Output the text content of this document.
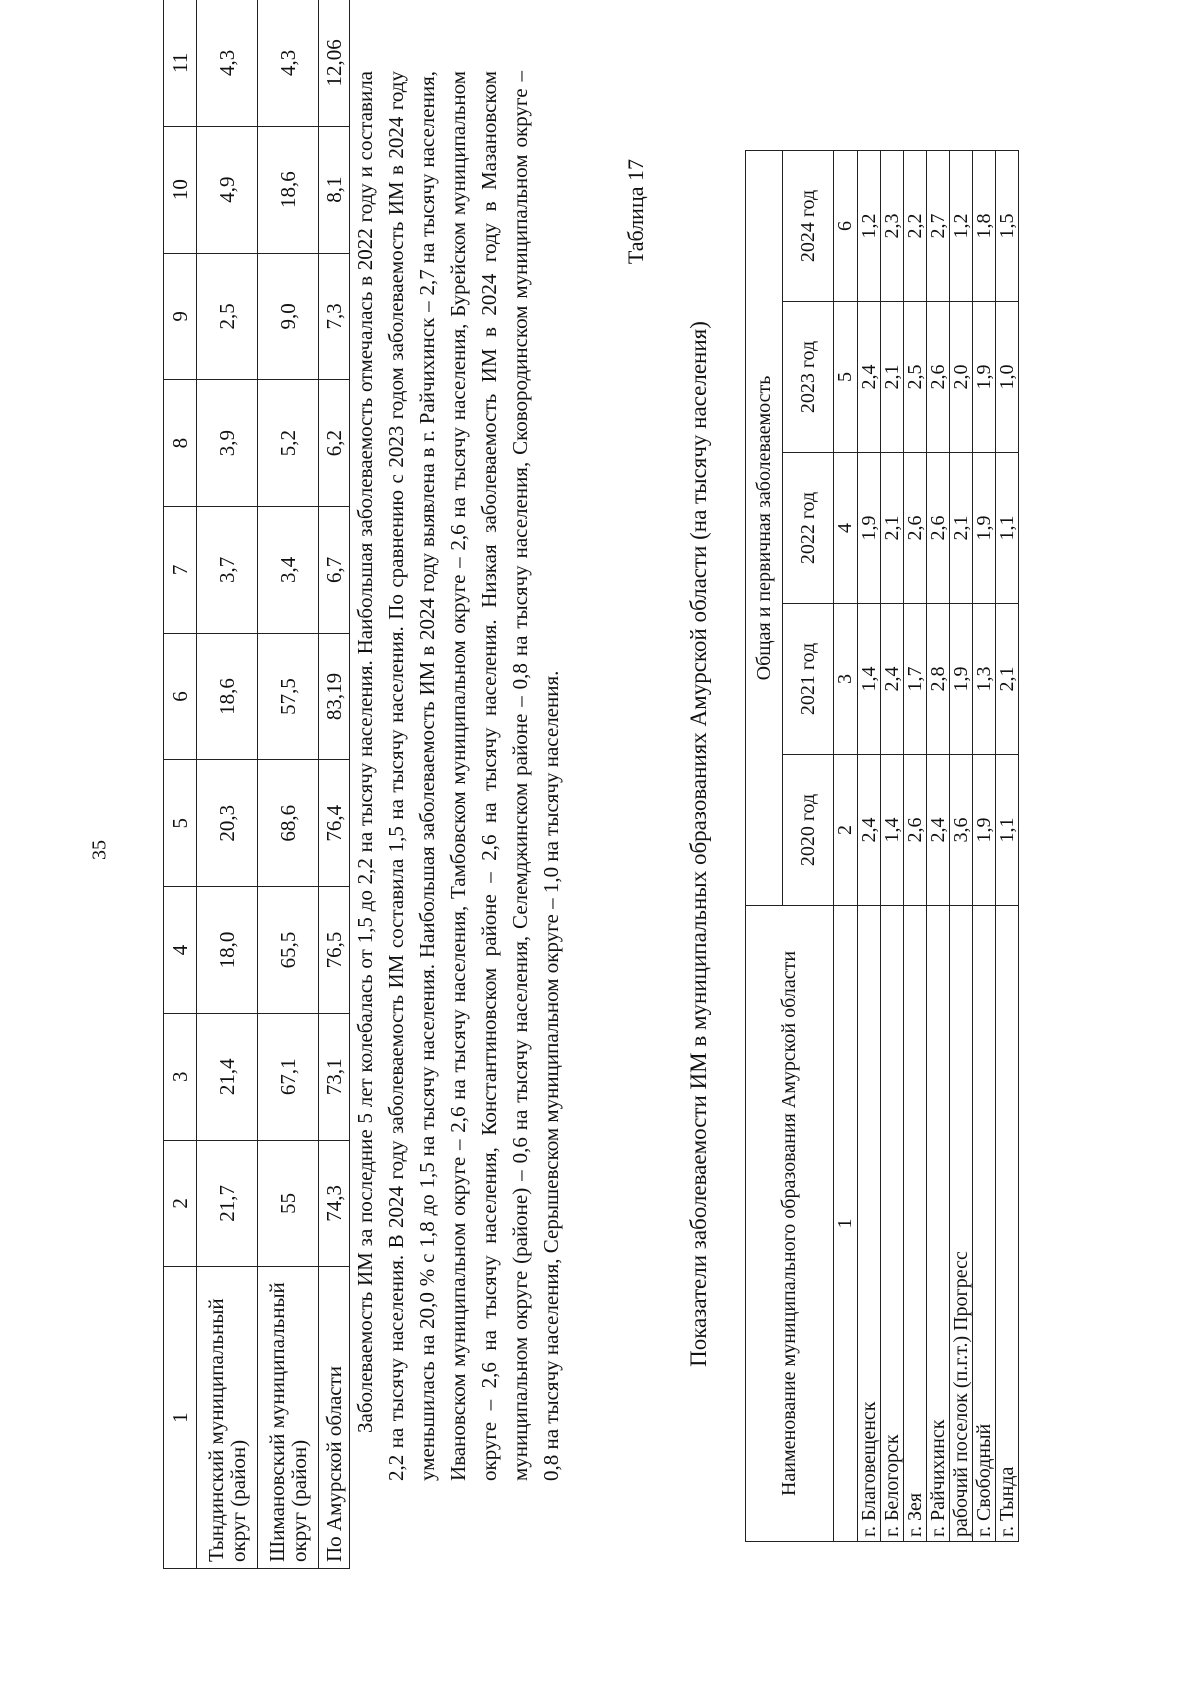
35
1	2	3	4	5	6	7	8	9	10	11
Тындинский муниципальный округ (район)	21,7	21,4	18,0	20,3	18,6	3,7	3,9	2,5	4,9	4,3
Шимановский муниципальный округ (район)	55	67,1	65,5	68,6	57,5	3,4	5,2	9,0	18,6	4,3
По Амурской области	74,3	73,1	76,5	76,4	83,19	6,7	6,2	7,3	8,1	12,06

Заболеваемость ИМ за последние 5 лет колебалась от 1,5 до 2,2 на тысячу населения. Наибольшая заболеваемость отмечалась в 2022 году и составила 2,2 на тысячу населения. В 2024 году заболеваемость ИМ составила 1,5 на тысячу населения. По сравнению с 2023 годом заболеваемость ИМ в 2024 году уменьшилась на 20,0 % с 1,8 до 1,5 на тысячу населения. Наибольшая заболеваемость ИМ в 2024 году выявлена в г. Райчихинск – 2,7 на тысячу населения, Ивановском муниципальном округе – 2,6 на тысячу населения, Тамбовском муниципальном округе – 2,6 на тысячу населения, Бурейском муниципальном округе – 2,6 на тысячу населения, Константиновском районе – 2,6 на тысячу населения. Низкая заболеваемость ИМ в 2024 году в Мазановском муниципальном округе (районе) – 0,6 на тысячу населения, Селемджинском районе – 0,8 на тысячу населения, Сковородинском муниципальном округе – 0,8 на тысячу населения, Серышевском муниципальном округе – 1,0 на тысячу населения.

Таблица 17
Показатели заболеваемости ИМ в муниципальных образованиях Амурской области (на тысячу населения)	Наименование муниципального образования Амурской области	Общая и первичная заболеваемость				
	2020 год	2021 год	2022 год	2023 год	2024 год
1	2	3	4	5	6
г. Благовещенск	2,4	1,4	1,9	2,4	1,2
г. Белогорск	1,4	2,4	2,1	2,1	2,3
г. Зея	2,6	1,7	2,6	2,5	2,2
г. Райчихинск	2,4	2,8	2,6	2,6	2,7
рабочий поселок (п.г.т.) Прогресс	3,6	1,9	2,1	2,0	1,2
г. Свободный	1,9	1,3	1,9	1,9	1,8
г. Тында	1,1	2,1	1,1	1,0	1,5
